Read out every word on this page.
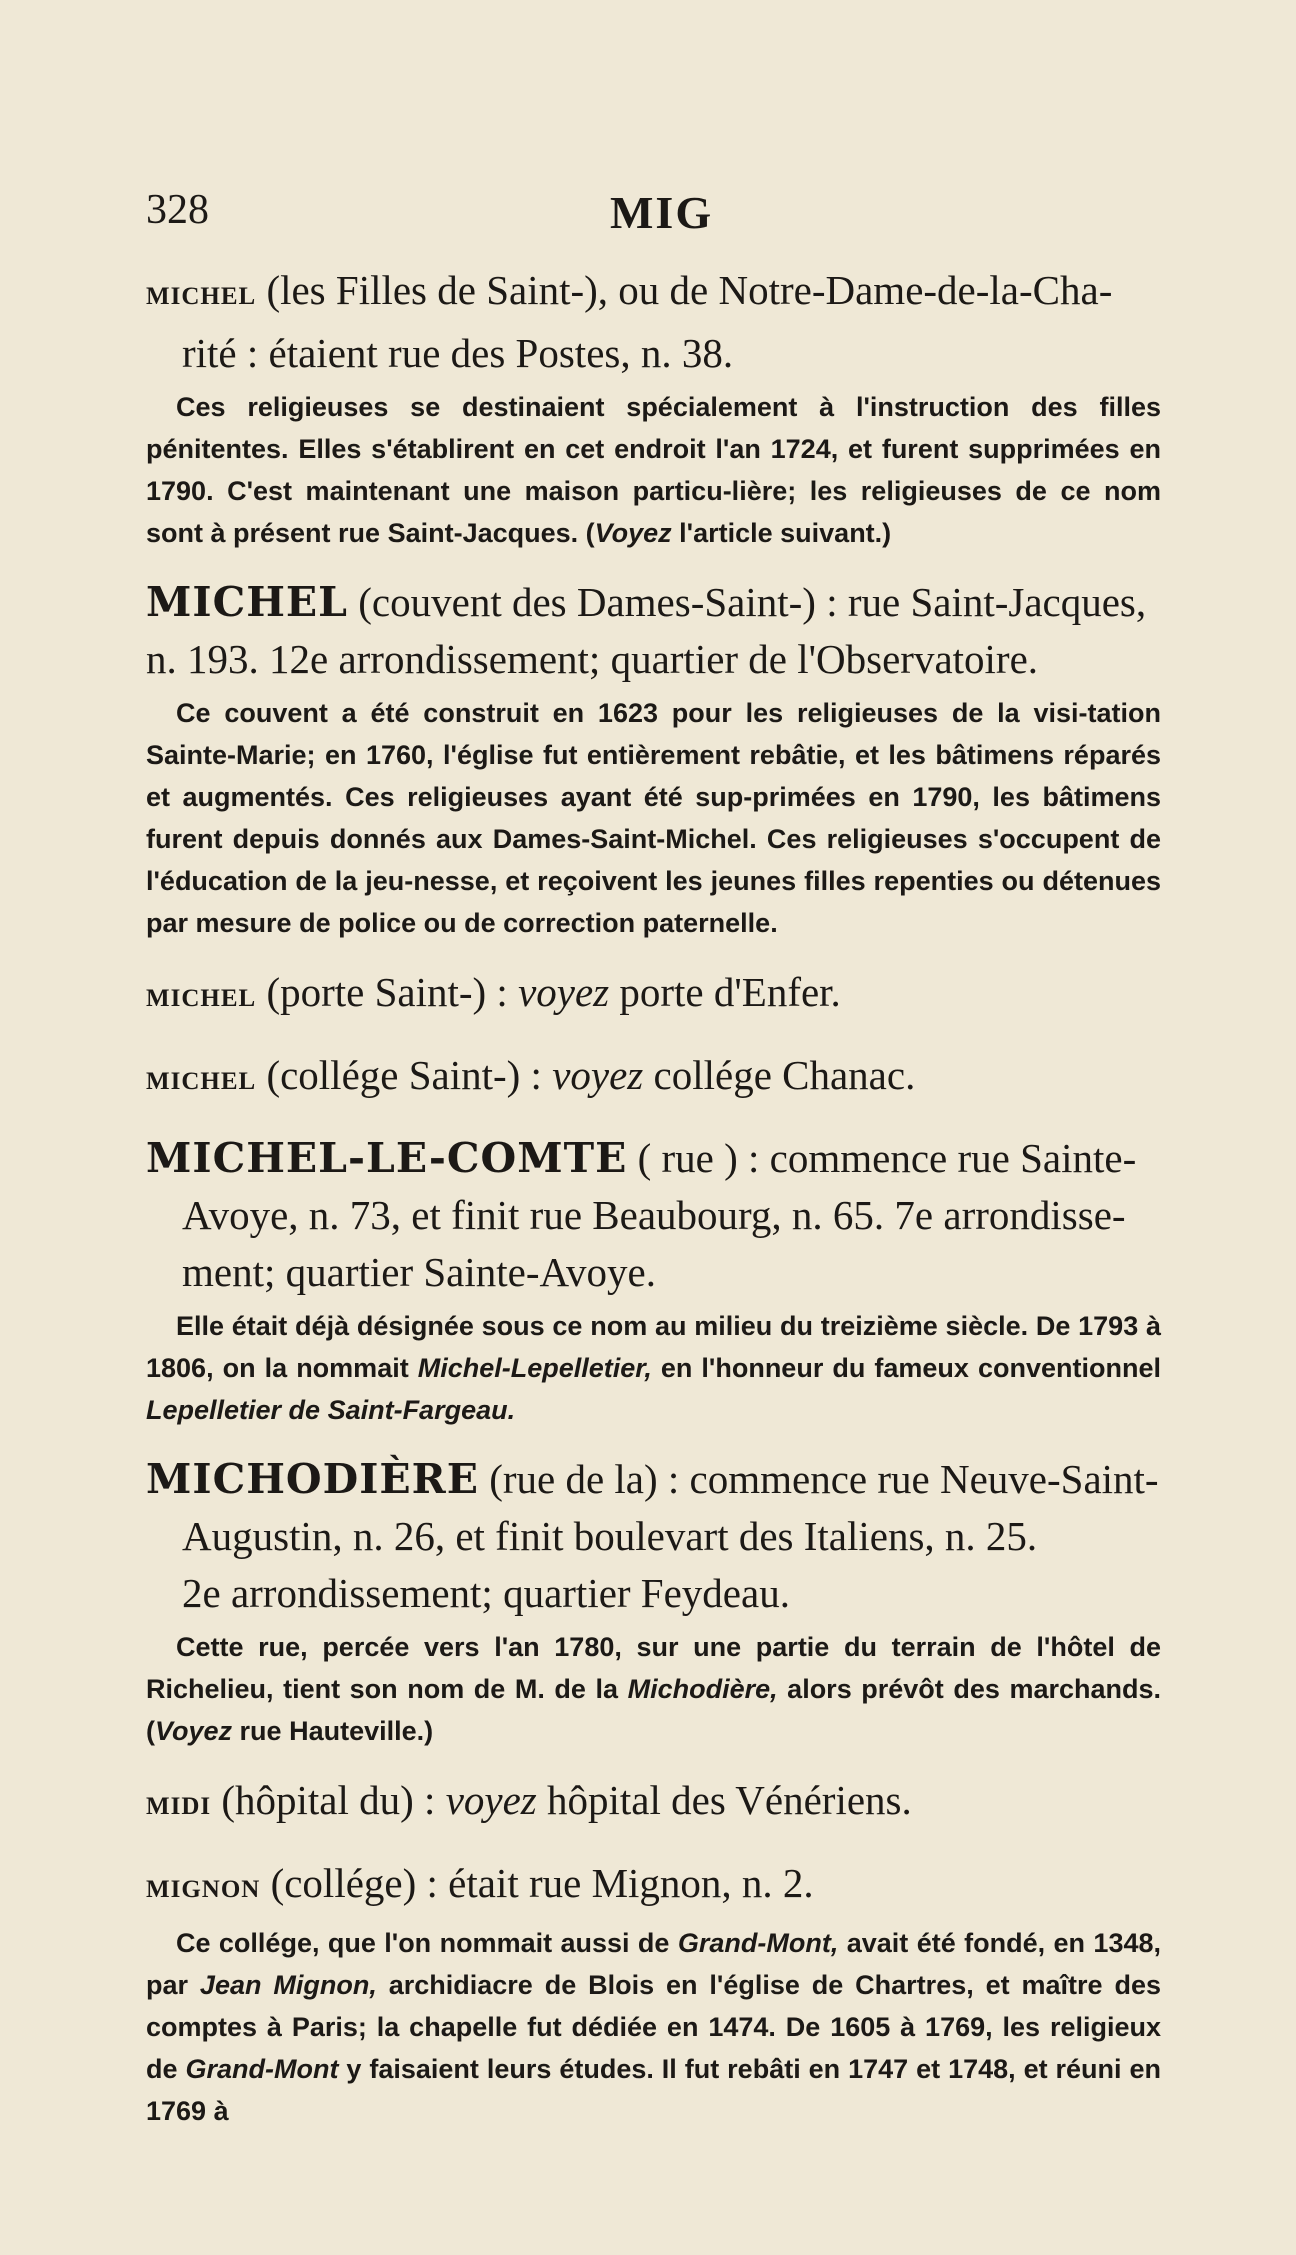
328	MIG
MICHEL (les Filles de Saint-), ou de Notre-Dame-de-la-Cha-
rité : étaient rue des Postes, n. 38.
Ces religieuses se destinaient spécialement à l'instruction des filles pénitentes. Elles s'établirent en cet endroit l'an 1724, et furent supprimées en 1790. C'est maintenant une maison particu-lière; les religieuses de ce nom sont à présent rue Saint-Jacques. (Voyez l'article suivant.)
MICHEL (couvent des Dames-Saint-) : rue Saint-Jacques,
n. 193. 12e arrondissement; quartier de l'Observatoire.
Ce couvent a été construit en 1623 pour les religieuses de la visi-tation Sainte-Marie; en 1760, l'église fut entièrement rebâtie, et les bâtimens réparés et augmentés. Ces religieuses ayant été sup-primées en 1790, les bâtimens furent depuis donnés aux Dames-Saint-Michel. Ces religieuses s'occupent de l'éducation de la jeu-nesse, et reçoivent les jeunes filles repenties ou détenues par mesure de police ou de correction paternelle.
MICHEL (porte Saint-) : voyez porte d'Enfer.
MICHEL (collége Saint-) : voyez collége Chanac.
MICHEL-LE-COMTE ( rue ) : commence rue Sainte-
Avoye, n. 73, et finit rue Beaubourg, n. 65. 7e arrondisse-
ment; quartier Sainte-Avoye.
Elle était déjà désignée sous ce nom au milieu du treizième siècle. De 1793 à 1806, on la nommait Michel-Lepelletier, en l'honneur du fameux conventionnel Lepelletier de Saint-Fargeau.
MICHODIÈRE (rue de la) : commence rue Neuve-Saint-
Augustin, n. 26, et finit boulevart des Italiens, n. 25.
2e arrondissement; quartier Feydeau.
Cette rue, percée vers l'an 1780, sur une partie du terrain de l'hôtel de Richelieu, tient son nom de M. de la Michodière, alors prévôt des marchands. (Voyez rue Hauteville.)
MIDI (hôpital du) : voyez hôpital des Vénériens.
MIGNON (collége) : était rue Mignon, n. 2.
Ce collége, que l'on nommait aussi de Grand-Mont, avait été fondé, en 1348, par Jean Mignon, archidiacre de Blois en l'église de Chartres, et maître des comptes à Paris; la chapelle fut dédiée en 1474. De 1605 à 1769, les religieux de Grand-Mont y faisaient leurs études. Il fut rebâti en 1747 et 1748, et réuni en 1769 à
